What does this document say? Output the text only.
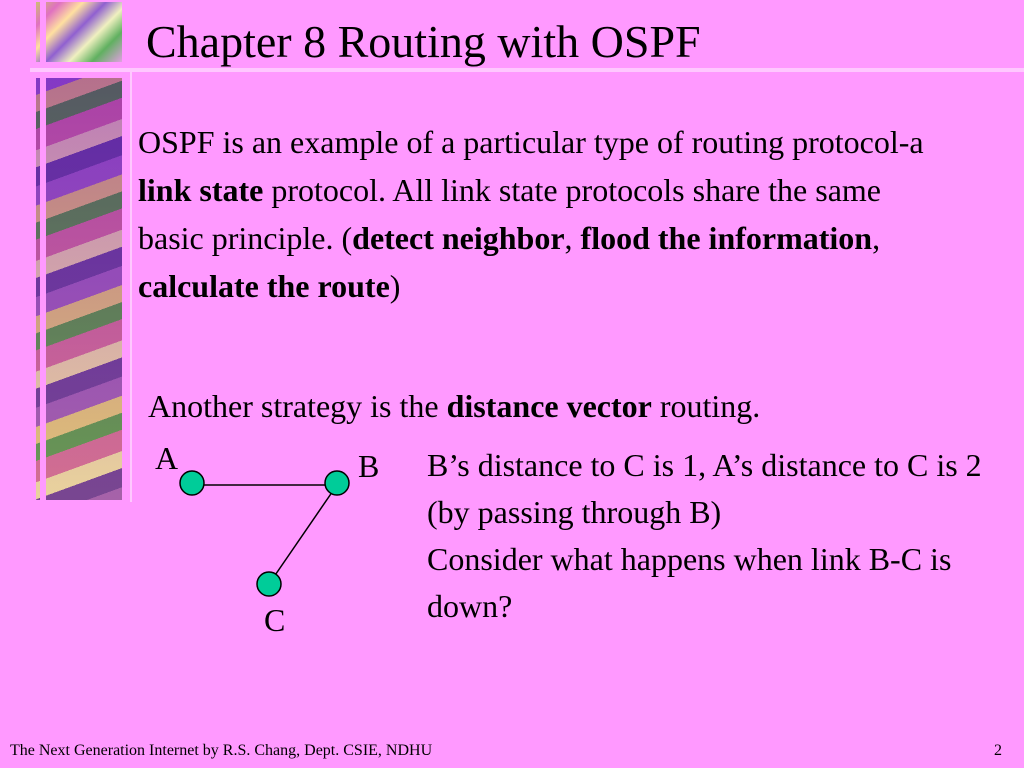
Chapter 8 Routing with OSPF
OSPF is an example of a particular type of routing protocol-a link state protocol. All link state protocols share the same basic principle. (detect neighbor, flood the information, calculate the route)
Another strategy is the distance vector routing.
A	B
C
B’s distance to C is 1, A’s distance to C is 2 (by passing through B)
Consider what happens when link B-C is down?
The Next Generation Internet by R.S. Chang, Dept. CSIE, NDHU	2
